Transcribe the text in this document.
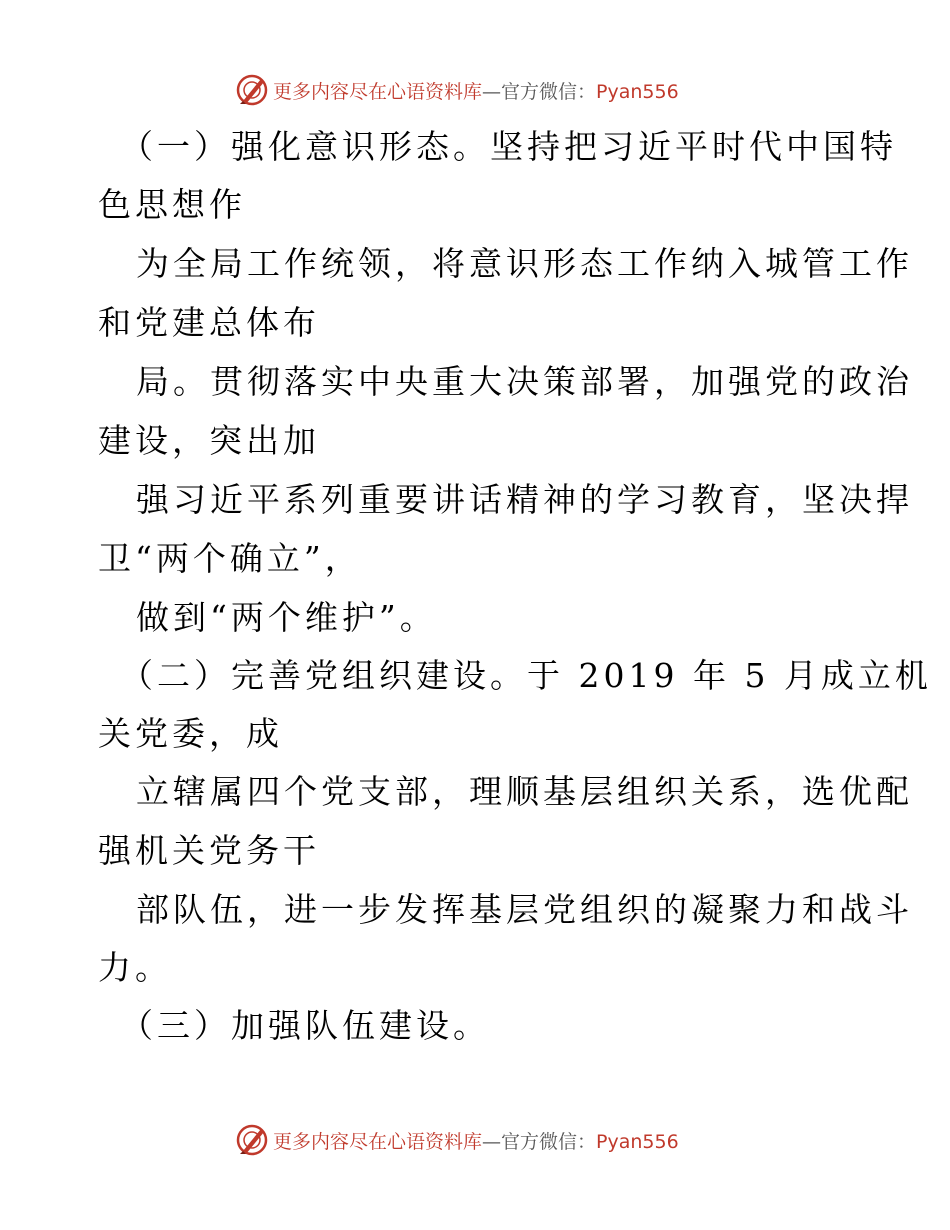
更多内容尽在心语资料库—官方微信：Pyan556
（一）强化意识形态。坚持把习近平时代中国特
色思想作
为全局工作统领，将意识形态工作纳入城管工作
和党建总体布
局。贯彻落实中央重大决策部署，加强党的政治
建设，突出加
强习近平系列重要讲话精神的学习教育，坚决捍
卫“两个确立”，
做到“两个维护”。
（二）完善党组织建设。于 2019 年 5 月成立机
关党委，成
立辖属四个党支部，理顺基层组织关系，选优配
强机关党务干
部队伍，进一步发挥基层党组织的凝聚力和战斗
力。
（三）加强队伍建设。
更多内容尽在心语资料库—官方微信：Pyan556
